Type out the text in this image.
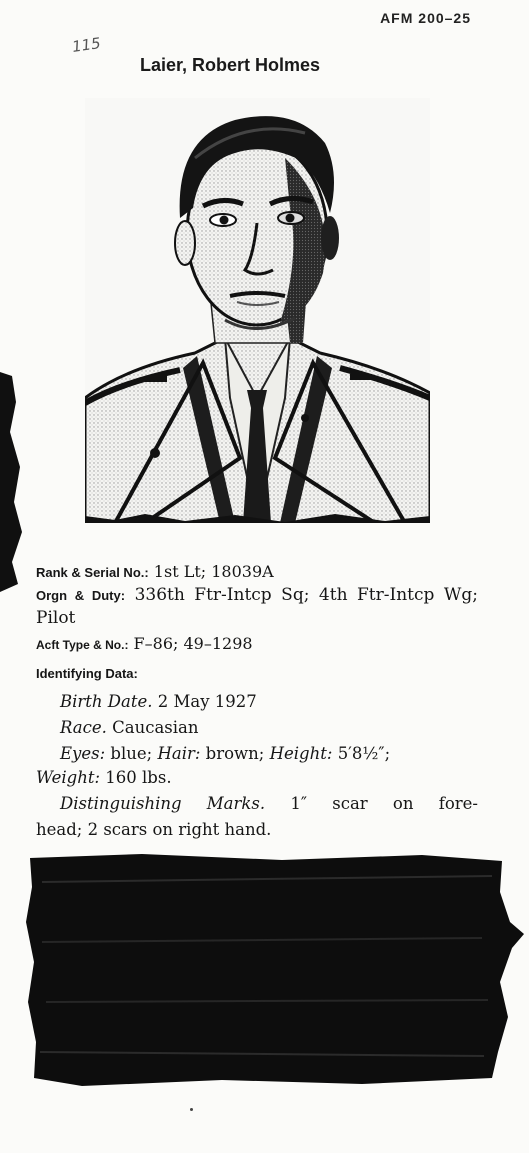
AFM 200–25
115
Laier, Robert Holmes
Rank & Serial No.: 1st Lt; 18039A
Orgn & Duty: 336th Ftr-Intcp Sq; 4th Ftr-Intcp Wg; Pilot
Acft Type & No.: F–86; 49–1298
Identifying Data:
Birth Date. 2 May 1927
Race. Caucasian
Eyes: blue; Hair: brown; Height: 5′8½″;
Weight: 160 lbs.
Distinguishing Marks. 1″ scar on fore-
head; 2 scars on right hand.
